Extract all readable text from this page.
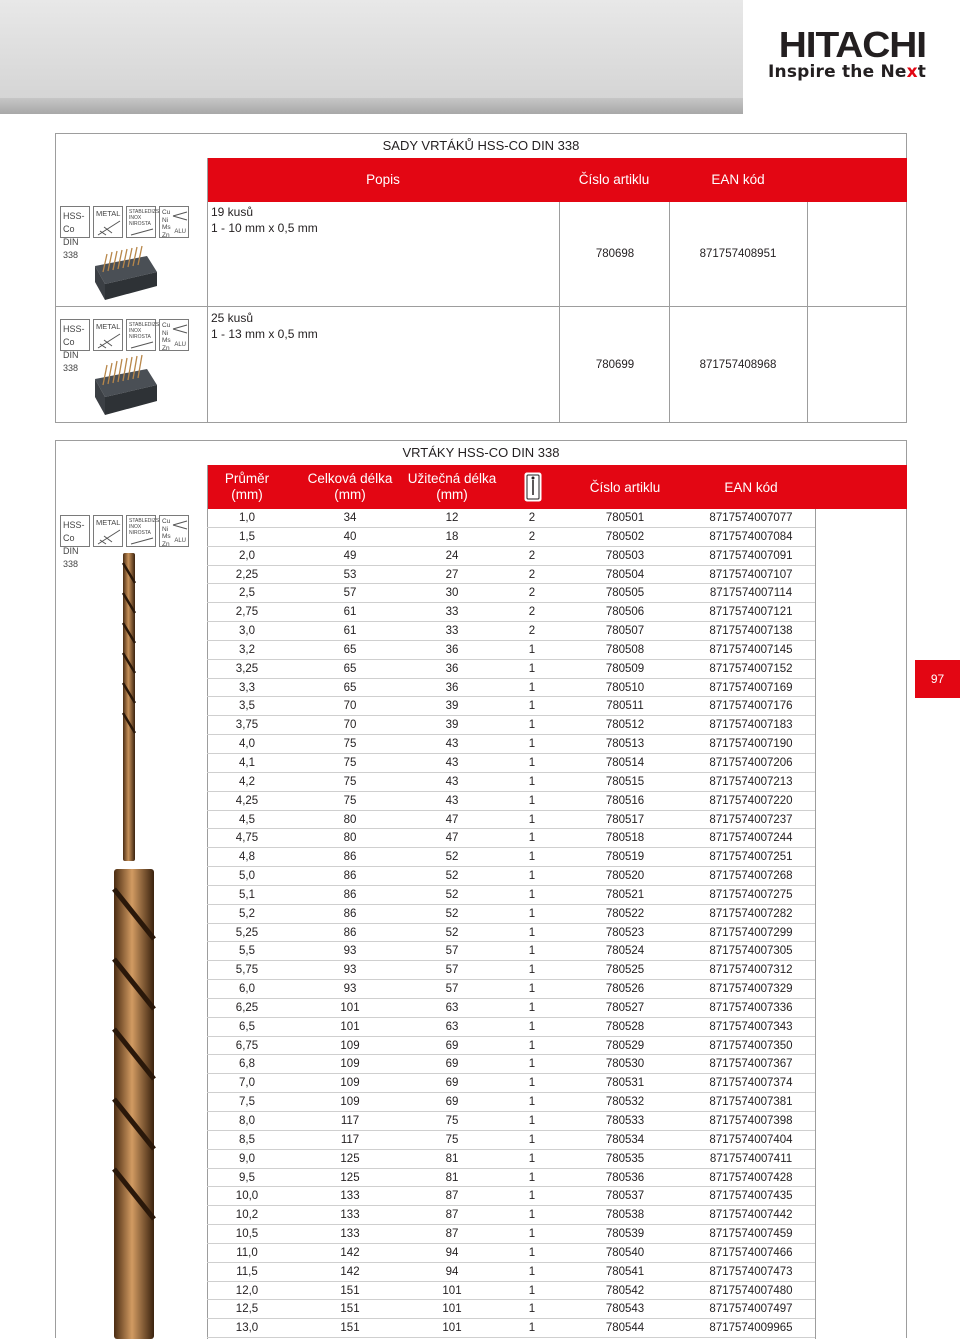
HITACHI
Inspire the Next
SADY VRTÁKŮ HSS-CO DIN 338
Popis	Číslo artiklu	EAN kód
HSS-Co
DIN 338
METAL	STABLEDIZS
INOX
NIROSTA
Cu
Ni
Ms
Zn ALU
19 kusů
1 - 10 mm x 0,5 mm
780698	871757408951
HSS-Co
DIN 338
METAL	STABLEDIZS
INOX
NIROSTA
Cu
Ni
Ms
Zn ALU
25 kusů
1 - 13 mm x 0,5 mm
780699	871757408968
VRTÁKY HSS-CO DIN 338
Průměr
(mm)
Celková délka
(mm)
Užitečná délka
(mm)	Číslo artiklu	EAN kód
HSS-Co
DIN 338
METAL	STABLEDIZS
INOX
NIROSTA
Cu
Ni
Ms
Zn ALU
1,0	34	12	2	780501	8717574007077
1,5	40	18	2	780502	8717574007084
2,0	49	24	2	780503	8717574007091
2,25	53	27	2	780504	8717574007107
2,5	57	30	2	780505	8717574007114
2,75	61	33	2	780506	8717574007121
3,0	61	33	2	780507	8717574007138
3,2	65	36	1	780508	8717574007145
3,25	65	36	1	780509	8717574007152
3,3	65	36	1	780510	8717574007169
3,5	70	39	1	780511	8717574007176
3,75	70	39	1	780512	8717574007183
4,0	75	43	1	780513	8717574007190
4,1	75	43	1	780514	8717574007206
4,2	75	43	1	780515	8717574007213
4,25	75	43	1	780516	8717574007220
4,5	80	47	1	780517	8717574007237
4,75	80	47	1	780518	8717574007244
4,8	86	52	1	780519	8717574007251
5,0	86	52	1	780520	8717574007268
5,1	86	52	1	780521	8717574007275
5,2	86	52	1	780522	8717574007282
5,25	86	52	1	780523	8717574007299
5,5	93	57	1	780524	8717574007305
5,75	93	57	1	780525	8717574007312
6,0	93	57	1	780526	8717574007329
6,25	101	63	1	780527	8717574007336
6,5	101	63	1	780528	8717574007343
6,75	109	69	1	780529	8717574007350
6,8	109	69	1	780530	8717574007367
7,0	109	69	1	780531	8717574007374
7,5	109	69	1	780532	8717574007381
8,0	117	75	1	780533	8717574007398
8,5	117	75	1	780534	8717574007404
9,0	125	81	1	780535	8717574007411
9,5	125	81	1	780536	8717574007428
10,0	133	87	1	780537	8717574007435
10,2	133	87	1	780538	8717574007442
10,5	133	87	1	780539	8717574007459
11,0	142	94	1	780540	8717574007466
11,5	142	94	1	780541	8717574007473
12,0	151	101	1	780542	8717574007480
12,5	151	101	1	780543	8717574007497
13,0	151	101	1	780544	8717574009965
97
